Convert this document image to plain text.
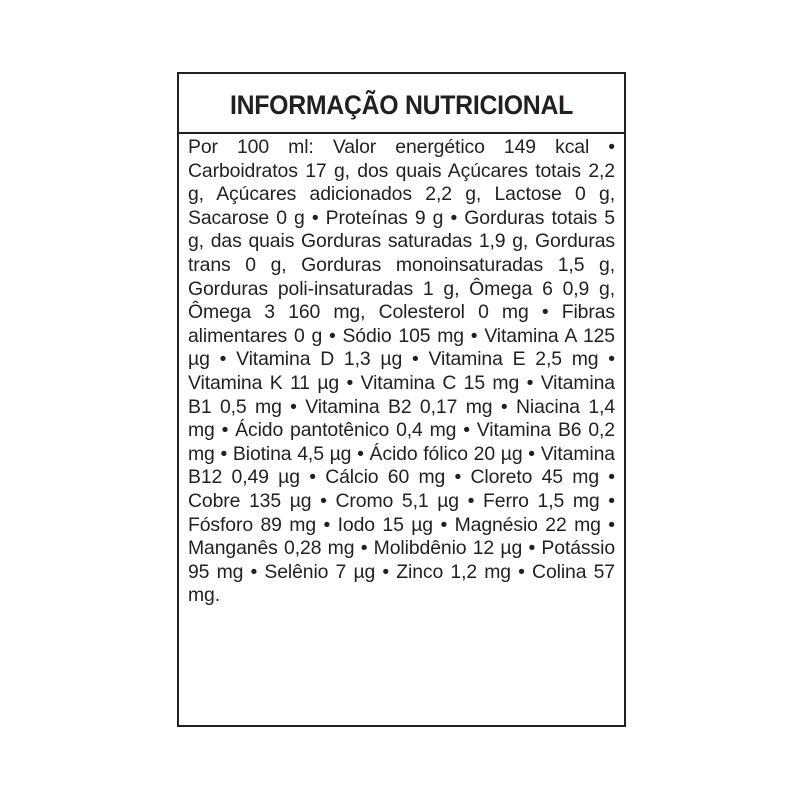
INFORMAÇÃO NUTRICIONAL
Por 100 ml: Valor energético 149 kcal • Carboidratos 17 g, dos quais Açúcares totais 2,2 g, Açúcares adicionados 2,2 g, Lactose 0 g, Sacarose 0 g • Proteínas 9 g • Gorduras totais 5 g, das quais Gorduras saturadas 1,9 g, Gorduras trans 0 g, Gorduras monoinsaturadas 1,5 g, Gorduras poli-insaturadas 1 g, Ômega 6 0,9 g, Ômega 3 160 mg, Colesterol 0 mg • Fibras alimentares 0 g • Sódio 105 mg • Vitamina A 125 µg • Vitamina D 1,3 µg • Vitamina E 2,5 mg • Vitamina K 11 µg • Vitamina C 15 mg • Vitamina B1 0,5 mg • Vitamina B2 0,17 mg • Niacina 1,4 mg • Ácido pantotênico 0,4 mg • Vitamina B6 0,2 mg • Biotina 4,5 µg • Ácido fólico 20 µg • Vitamina B12 0,49 µg • Cálcio 60 mg • Cloreto 45 mg • Cobre 135 µg • Cromo 5,1 µg • Ferro 1,5 mg • Fósforo 89 mg • Iodo 15 µg • Magnésio 22 mg • Manganês 0,28 mg • Molibdênio 12 µg • Potássio 95 mg • Selênio 7 µg • Zinco 1,2 mg • Colina 57 mg.
